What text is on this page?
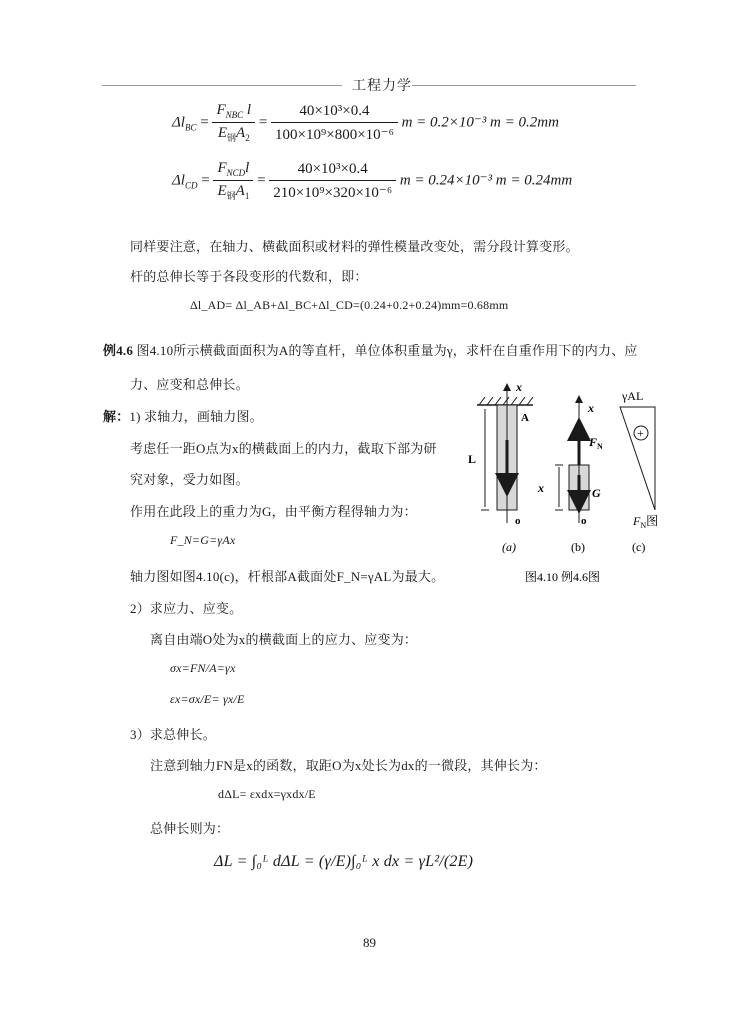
工程力学
$\Delta l_{BC} = \frac{F_{NBC} l}{E_钢A_2} = \frac{\text{40×10³×0.4}}{\text{100×10⁹×800×10⁻⁶}}$ m = 0.2×10⁻³ m = 0.2mm
$\Delta l_{CD} = \frac{F_{NCD}l}{E_钢A_1} = \frac{\text{40×10³×0.4}}{\text{210×10⁹×320×10⁻⁶}}$ m = 0.24×10⁻³ m = 0.24mm
同样要注意，在轴力、横截面积或材料的弹性模量改变处，需分段计算变形。
杆的总伸长等于各段变形的代数和，即：
Δl_AD= Δl_AB+Δl_BC+Δl_CD=(0.24+0.2+0.24)mm=0.68mm
例4.6 图4.10所示横截面面积为A的等直杆，单位体积重量为γ，求杆在自重作用下的内力、应
力、应变和总伸长。
解：1) 求轴力，画轴力图。
考虑任一距O点为x的横截面上的内力，截取下部为研
究对象，受力如图。
作用在此段上的重力为G，由平衡方程得轴力为：
F_N=G=γAx
轴力图如图4.10(c)，杆根部A截面处F_N=γAL为最大。
2）求应力、应变。
离自由端O处为x的横截面上的应力、应变为：
σx=FN/A=γx
εx=σx/E= γx/E
3）求总伸长。
注意到轴力FN是x的函数，取距O为x处长为dx的一微段，其伸长为：
dΔL= εxdx=γxdx/E
总伸长则为：
ΔL = ∫₀ᴸ dΔL = (γ/E)∫₀ᴸ x dx = γL²/(2E)
x
A
L
o
x
$F_N$
G
x
o
γAL
+
$F_N$图
(a)	(b)	(c)
图4.10 例4.6图
89
